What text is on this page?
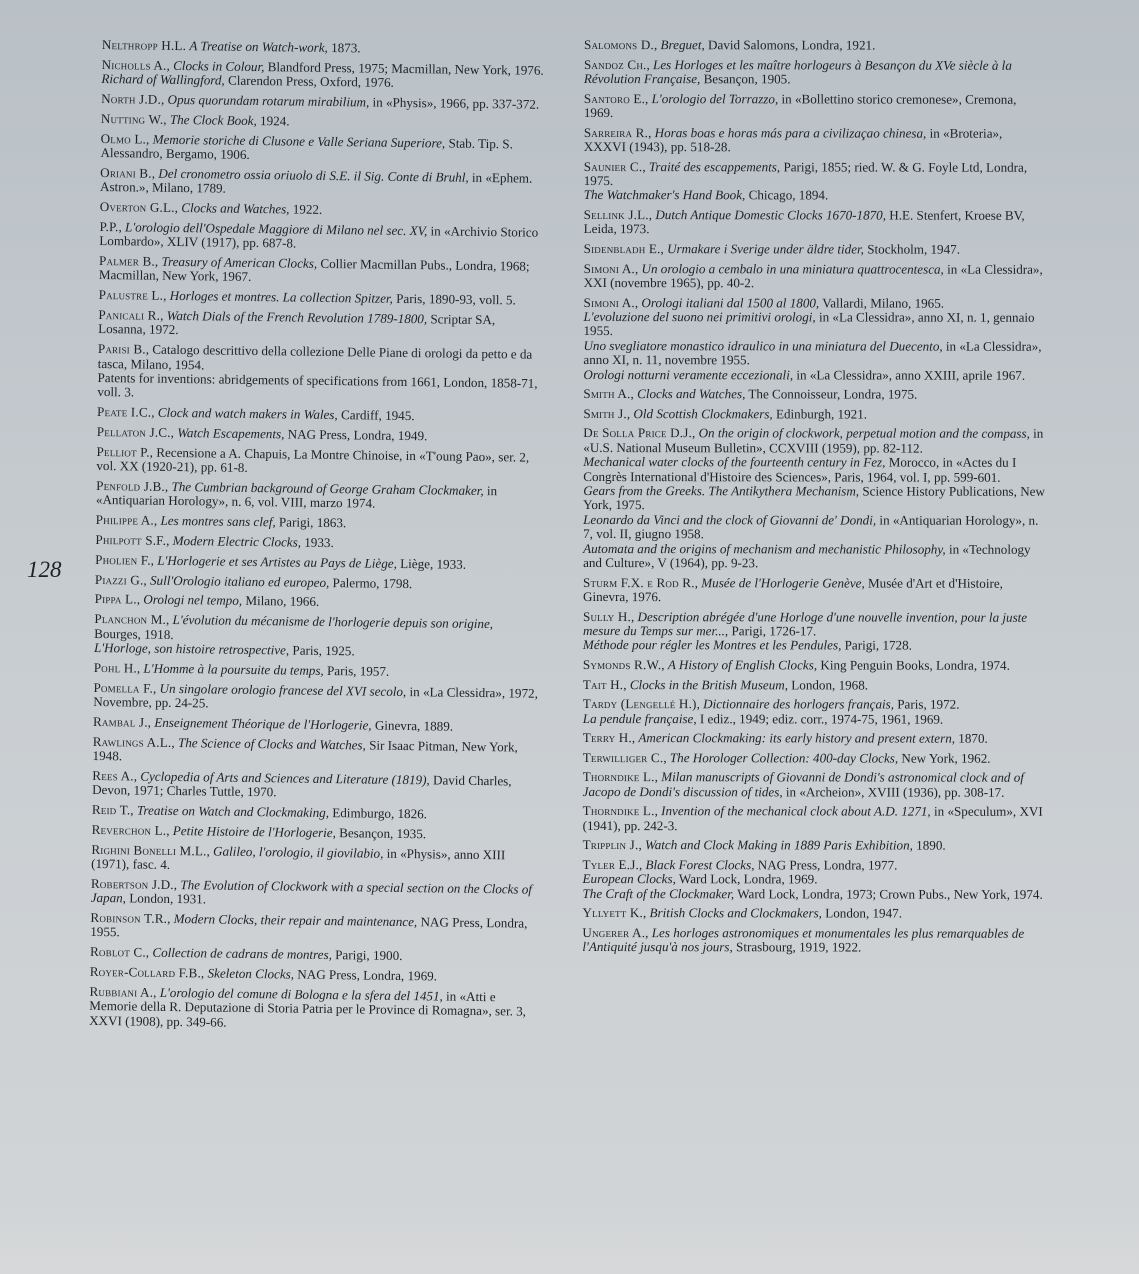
128
Nelthropp H.L. A Treatise on Watch-work, 1873.
Nicholls A., Clocks in Colour, Blandford Press, 1975; Macmillan, New York, 1976.
Richard of Wallingford, Clarendon Press, Oxford, 1976.
North J.D., Opus quorundam rotarum mirabilium, in «Physis», 1966, pp. 337-372.
Nutting W., The Clock Book, 1924.
Olmo L., Memorie storiche di Clusone e Valle Seriana Superiore, Stab. Tip. S. Alessandro, Bergamo, 1906.
Oriani B., Del cronometro ossia oriuolo di S.E. il Sig. Conte di Bruhl, in «Ephem. Astron.», Milano, 1789.
Overton G.L., Clocks and Watches, 1922.
P.P., L'orologio dell'Ospedale Maggiore di Milano nel sec. XV, in «Archivio Storico Lombardo», XLIV (1917), pp. 687-8.
Palmer B., Treasury of American Clocks, Collier Macmillan Pubs., Londra, 1968; Macmillan, New York, 1967.
Palustre L., Horloges et montres. La collection Spitzer, Paris, 1890-93, voll. 5.
Panicali R., Watch Dials of the French Revolution 1789-1800, Scriptar SA, Losanna, 1972.
Parisi B., Catalogo descrittivo della collezione Delle Piane di orologi da petto e da tasca, Milano, 1954.
Patents for inventions: abridgements of specifications from 1661, London, 1858-71, voll. 3.
Peate I.C., Clock and watch makers in Wales, Cardiff, 1945.
Pellaton J.C., Watch Escapements, NAG Press, Londra, 1949.
Pelliot P., Recensione a A. Chapuis, La Montre Chinoise, in «T'oung Pao», ser. 2, vol. XX (1920-21), pp. 61-8.
Penfold J.B., The Cumbrian background of George Graham Clockmaker, in «Antiquarian Horology», n. 6, vol. VIII, marzo 1974.
Philippe A., Les montres sans clef, Parigi, 1863.
Philpott S.F., Modern Electric Clocks, 1933.
Pholien F., L'Horlogerie et ses Artistes au Pays de Liège, Liège, 1933.
Piazzi G., Sull'Orologio italiano ed europeo, Palermo, 1798.
Pippa L., Orologi nel tempo, Milano, 1966.
Planchon M., L'évolution du mécanisme de l'horlogerie depuis son origine, Bourges, 1918.
L'Horloge, son histoire retrospective, Paris, 1925.
Pohl H., L'Homme à la poursuite du temps, Paris, 1957.
Pomella F., Un singolare orologio francese del XVI secolo, in «La Clessidra», 1972, Novembre, pp. 24-25.
Rambal J., Enseignement Théorique de l'Horlogerie, Ginevra, 1889.
Rawlings A.L., The Science of Clocks and Watches, Sir Isaac Pitman, New York, 1948.
Rees A., Cyclopedia of Arts and Sciences and Literature (1819), David Charles, Devon, 1971; Charles Tuttle, 1970.
Reid T., Treatise on Watch and Clockmaking, Edimburgo, 1826.
Reverchon L., Petite Histoire de l'Horlogerie, Besançon, 1935.
Righini Bonelli M.L., Galileo, l'orologio, il giovilabio, in «Physis», anno XIII (1971), fasc. 4.
Robertson J.D., The Evolution of Clockwork with a special section on the Clocks of Japan, London, 1931.
Robinson T.R., Modern Clocks, their repair and maintenance, NAG Press, Londra, 1955.
Roblot C., Collection de cadrans de montres, Parigi, 1900.
Royer-Collard F.B., Skeleton Clocks, NAG Press, Londra, 1969.
Rubbiani A., L'orologio del comune di Bologna e la sfera del 1451, in «Atti e Memorie della R. Deputazione di Storia Patria per le Province di Romagna», ser. 3, XXVI (1908), pp. 349-66.
Salomons D., Breguet, David Salomons, Londra, 1921.
Sandoz Ch., Les Horloges et les maître horlogeurs à Besançon du XVe siècle à la Révolution Française, Besançon, 1905.
Santoro E., L'orologio del Torrazzo, in «Bollettino storico cremonese», Cremona, 1969.
Sarreira R., Horas boas e horas más para a civilizaçao chinesa, in «Broteria», XXXVI (1943), pp. 518-28.
Saunier C., Traité des escappements, Parigi, 1855; ried. W. & G. Foyle Ltd, Londra, 1975.
The Watchmaker's Hand Book, Chicago, 1894.
Sellink J.L., Dutch Antique Domestic Clocks 1670-1870, H.E. Stenfert, Kroese BV, Leida, 1973.
Sidenbladh E., Urmakare i Sverige under äldre tider, Stockholm, 1947.
Simoni A., Un orologio a cembalo in una miniatura quattrocentesca, in «La Clessidra», XXI (novembre 1965), pp. 40-2.
Simoni A., Orologi italiani dal 1500 al 1800, Vallardi, Milano, 1965.
L'evoluzione del suono nei primitivi orologi, in «La Clessidra», anno XI, n. 1, gennaio 1955.
Uno svegliatore monastico idraulico in una miniatura del Duecento, in «La Clessidra», anno XI, n. 11, novembre 1955.
Orologi notturni veramente eccezionali, in «La Clessidra», anno XXIII, aprile 1967.
Smith A., Clocks and Watches, The Connoisseur, Londra, 1975.
Smith J., Old Scottish Clockmakers, Edinburgh, 1921.
De Solla Price D.J., On the origin of clockwork, perpetual motion and the compass, in «U.S. National Museum Bulletin», CCXVIII (1959), pp. 82-112.
Mechanical water clocks of the fourteenth century in Fez, Morocco, in «Actes du I Congrès International d'Histoire des Sciences», Paris, 1964, vol. I, pp. 599-601.
Gears from the Greeks. The Antikythera Mechanism, Science History Publications, New York, 1975.
Leonardo da Vinci and the clock of Giovanni de' Dondi, in «Antiquarian Horology», n. 7, vol. II, giugno 1958.
Automata and the origins of mechanism and mechanistic Philosophy, in «Technology and Culture», V (1964), pp. 9-23.
Sturm F.X. e Rod R., Musée de l'Horlogerie Genève, Musée d'Art et d'Histoire, Ginevra, 1976.
Sully H., Description abrégée d'une Horloge d'une nouvelle invention, pour la juste mesure du Temps sur mer..., Parigi, 1726-17.
Méthode pour régler les Montres et les Pendules, Parigi, 1728.
Symonds R.W., A History of English Clocks, King Penguin Books, Londra, 1974.
Tait H., Clocks in the British Museum, London, 1968.
Tardy (Lengellé H.), Dictionnaire des horlogers français, Paris, 1972.
La pendule française, I ediz., 1949; ediz. corr., 1974-75, 1961, 1969.
Terry H., American Clockmaking: its early history and present extern, 1870.
Terwilliger C., The Horologer Collection: 400-day Clocks, New York, 1962.
Thorndike L., Milan manuscripts of Giovanni de Dondi's astronomical clock and of Jacopo de Dondi's discussion of tides, in «Archeion», XVIII (1936), pp. 308-17.
Thorndike L., Invention of the mechanical clock about A.D. 1271, in «Speculum», XVI (1941), pp. 242-3.
Tripplin J., Watch and Clock Making in 1889 Paris Exhibition, 1890.
Tyler E.J., Black Forest Clocks, NAG Press, Londra, 1977.
European Clocks, Ward Lock, Londra, 1969.
The Craft of the Clockmaker, Ward Lock, Londra, 1973; Crown Pubs., New York, 1974.
Yllyett K., British Clocks and Clockmakers, London, 1947.
Ungerer A., Les horloges astronomiques et monumentales les plus remarquables de l'Antiquité jusqu'à nos jours, Strasbourg, 1919, 1922.
